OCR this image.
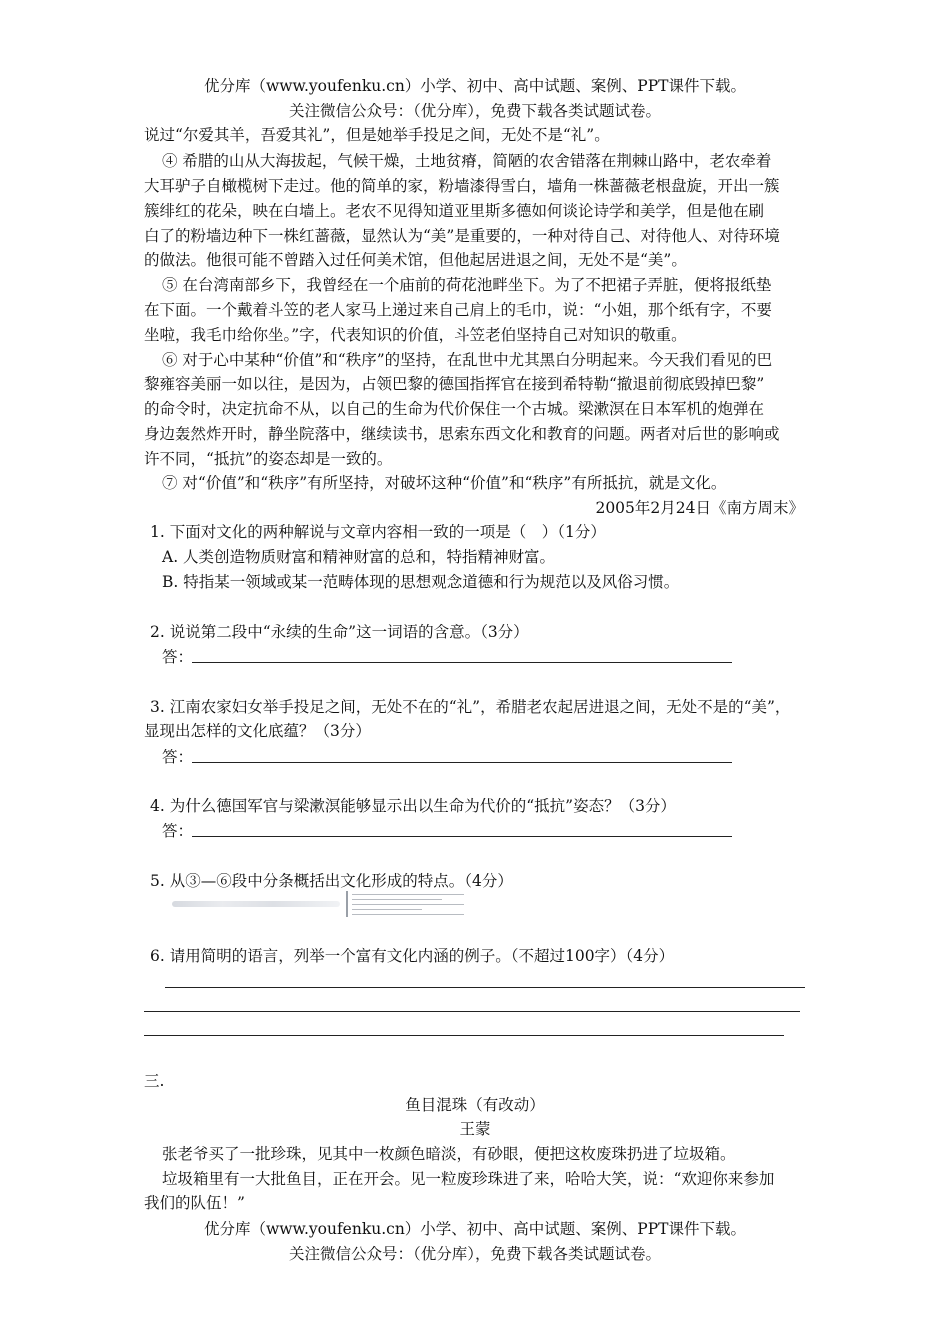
优分库（www.youfenku.cn）小学、初中、高中试题、案例、PPT课件下载。
关注微信公众号：（优分库），免费下载各类试题试卷。
说过“尔爱其羊，吾爱其礼”，但是她举手投足之间，无处不是“礼”。
④ 希腊的山从大海拔起，气候干燥，土地贫瘠，简陋的农舍错落在荆棘山路中，老农牵着
大耳驴子自橄榄树下走过。他的简单的家，粉墙漆得雪白，墙角一株蔷薇老根盘旋，开出一簇
簇绯红的花朵，映在白墙上。老农不见得知道亚里斯多德如何谈论诗学和美学，但是他在刷
白了的粉墙边种下一株红蔷薇，显然认为“美”是重要的，一种对待自己、对待他人、对待环境
的做法。他很可能不曾踏入过任何美术馆，但他起居进退之间，无处不是“美”。
⑤ 在台湾南部乡下，我曾经在一个庙前的荷花池畔坐下。为了不把裙子弄脏，便将报纸垫
在下面。一个戴着斗笠的老人家马上递过来自己肩上的毛巾，说：“小姐，那个纸有字，不要
坐啦，我毛巾给你坐。”字，代表知识的价值，斗笠老伯坚持自己对知识的敬重。
⑥ 对于心中某种“价值”和“秩序”的坚持，在乱世中尤其黑白分明起来。今天我们看见的巴
黎雍容美丽一如以往，是因为，占领巴黎的德国指挥官在接到希特勒“撤退前彻底毁掉巴黎”
的命令时，决定抗命不从，以自己的生命为代价保住一个古城。梁漱溟在日本军机的炮弹在
身边轰然炸开时，静坐院落中，继续读书，思索东西文化和教育的问题。两者对后世的影响或
许不同，“抵抗”的姿态却是一致的。
⑦ 对“价值”和“秩序”有所坚持，对破坏这种“价值”和“秩序”有所抵抗，就是文化。
2005年2月24日《南方周末》
1. 下面对文化的两种解说与文章内容相一致的一项是（　）（1分）
A. 人类创造物质财富和精神财富的总和，特指精神财富。
B. 特指某一领域或某一范畴体现的思想观念道德和行为规范以及风俗习惯。
2. 说说第二段中“永续的生命”这一词语的含意。（3分）
答：
3. 江南农家妇女举手投足之间，无处不在的“礼”，希腊老农起居进退之间，无处不是的“美”，
显现出怎样的文化底蕴？（3分）
答：
4. 为什么德国军官与梁漱溟能够显示出以生命为代价的“抵抗”姿态？（3分）
答：
5. 从③—⑥段中分条概括出文化形成的特点。（4分）
6. 请用简明的语言，列举一个富有文化内涵的例子。（不超过100字）（4分）
三.
鱼目混珠（有改动）
王蒙
张老爷买了一批珍珠，见其中一枚颜色暗淡，有砂眼，便把这枚废珠扔进了垃圾箱。
垃圾箱里有一大批鱼目，正在开会。见一粒废珍珠进了来，哈哈大笑，说：“欢迎你来参加
我们的队伍！”
优分库（www.youfenku.cn）小学、初中、高中试题、案例、PPT课件下载。
关注微信公众号：（优分库），免费下载各类试题试卷。
